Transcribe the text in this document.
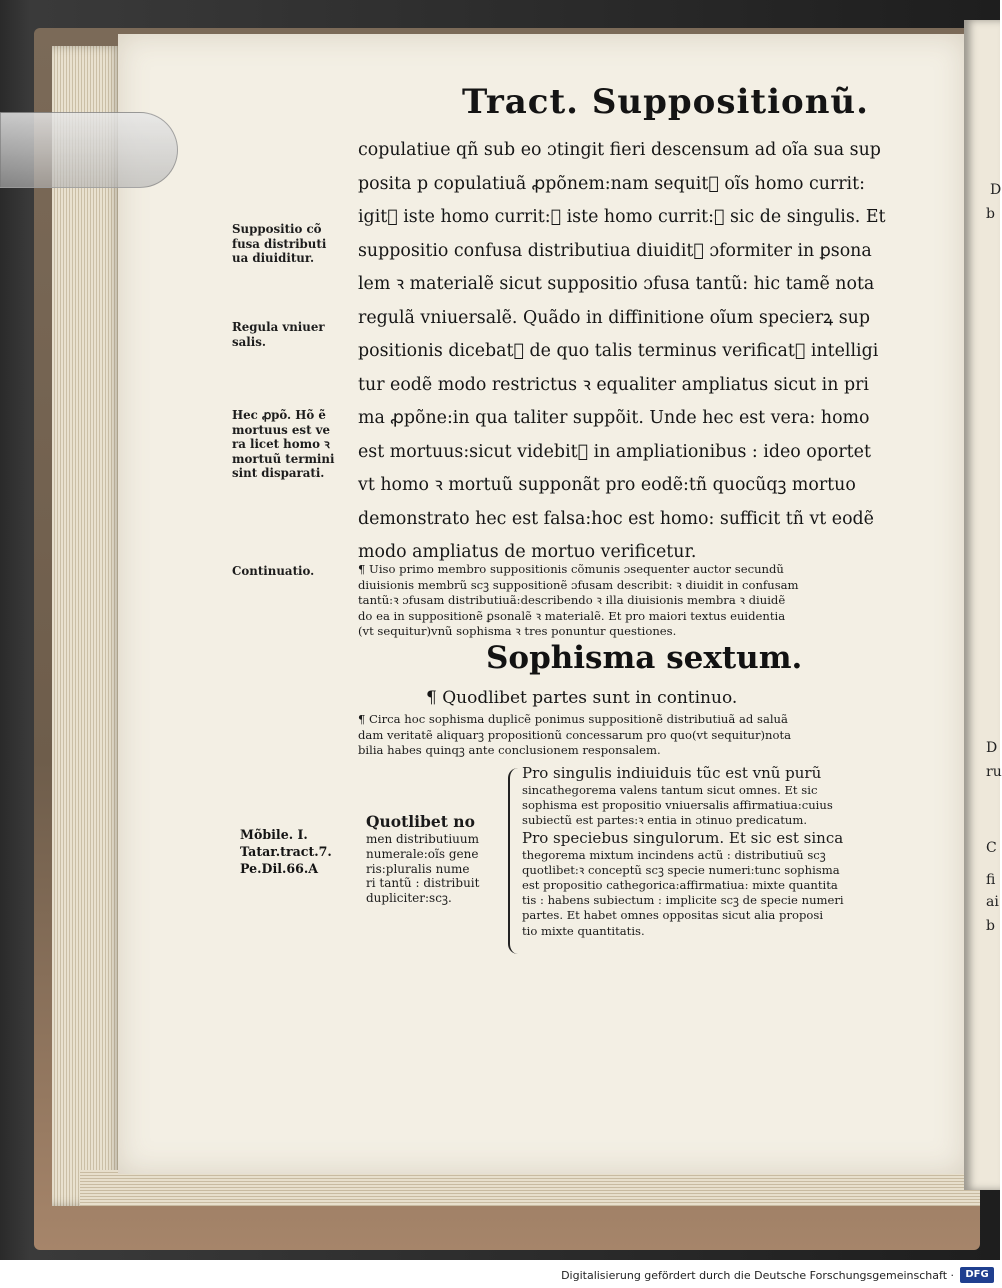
D
b
D
ru
C
fi
ai
b
Tract. Suppositionũ.
copulatiue qñ sub eo ɔtingit fieri descensum ad oĩa sua sup
posita p copulatiuã ꝓpõnem:nam sequit᷑ oĩs homo currit:
igit᷑ iste homo currit:ꝛ iste homo currit:ꝛ sic de singulis. Et
suppositio confusa distributiua diuidit᷑ ɔformiter in ꝑsona
lem ꝛ materialẽ sicut suppositio ɔfusa tantũ: hic tamẽ nota
regulã vniuersalẽ. Quãdo in diffinitione oĩum specierꝝ sup
positionis dicebat᷑ de quo talis terminus verificat᷑ intelligi
tur eodẽ modo restrictus ꝛ equaliter ampliatus sicut in pri
ma ꝓpõne:in qua taliter suppõit. Unde hec est vera: homo
est mortuus:sicut videbit᷑ in ampliationibus : ideo oportet
vt homo ꝛ mortuũ supponãt pro eodẽ:tñ quocũqꝫ mortuo
demonstrato hec est falsa:hoc est homo: sufficit tñ vt eodẽ
modo ampliatus de mortuo verificetur.
¶ Uiso primo membro suppositionis cõmunis ɔsequenter auctor secundũ
diuisionis membrũ scꝫ suppositionẽ ɔfusam describit: ꝛ diuidit in confusam
tantũ:ꝛ ɔfusam distributiuã:describendo ꝛ illa diuisionis membra ꝛ diuidẽ
do ea in suppositionẽ ꝑsonalẽ ꝛ materialẽ. Et pro maiori textus euidentia
(vt sequitur)vnũ sophisma ꝛ tres ponuntur questiones.
Sophisma sextum.
¶ Quodlibet partes sunt in continuo.
¶ Circa hoc sophisma duplicẽ ponimus suppositionẽ distributiuã ad saluã
dam veritatẽ aliquarꝫ propositionũ concessarum pro quo(vt sequitur)nota
bilia habes quinqꝫ ante conclusionem responsalem.
Quotlibet no
men distributiuum
numerale:oĩs gene
ris:pluralis nume
ri tantũ : distribuit
dupliciter:scꝫ.
Pro singulis indiuiduis tũc est vnũ purũ
sincathegorema valens tantum sicut omnes. Et sic
sophisma est propositio vniuersalis affirmatiua:cuius
subiectũ est partes:ꝛ entia in ɔtinuo predicatum.
Pro speciebus singulorum. Et sic est sinca
thegorema mixtum incindens actũ : distributiuũ scꝫ
quotlibet:ꝛ conceptũ scꝫ specie numeri:tunc sophisma
est propositio cathegorica:affirmatiua: mixte quantita
tis : habens subiectum : implicite scꝫ de specie numeri
partes. Et habet omnes oppositas sicut alia proposi
tio mixte quantitatis.
Suppositio cõ
fusa distributi
ua diuiditur.
Regula vniuer
salis.
Hec ꝓpõ. Hõ ẽ
mortuus est ve
ra licet homo ꝛ
mortuũ termini
sint disparati.
Continuatio.
Mõbile. I.
Tatar.tract.7.
Pe.Dil.66.A
Digitalisierung gefördert durch die Deutsche Forschungsgemeinschaft ·	DFG
